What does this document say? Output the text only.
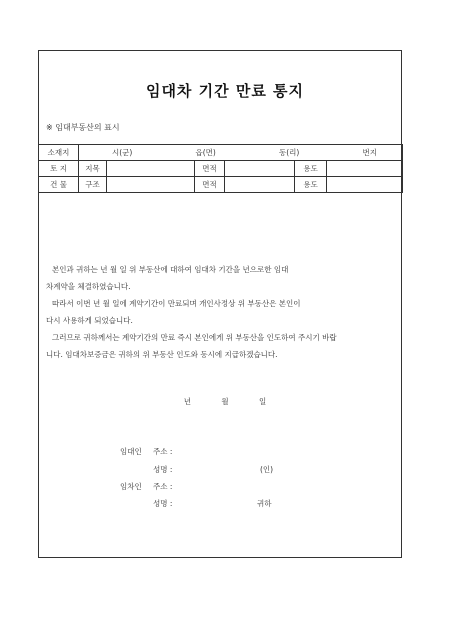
임대차 기간 만료 통지
※ 임대부동산의 표시
소재지	시(군) 읍(면) 동(리) 번지					

토 지	지목		면적		용도	
건 물	구조		면적		용도	

본인과 귀하는 년 월 일 위 부동산에 대하여 임대차 기간을 년으로한 임대

차계약을 체결하였습니다.

따라서 이번 년 월 일에 계약기간이 만료되며 개인사정상 위 부동산은 본인이

다시 사용하게 되었습니다.

그러므로 귀하께서는 계약기간의 만료 즉시 본인에게 위 부동산을 인도하여 주시기 바랍

니다. 임대차보증금은 귀하의 위 부동산 인도와 동시에 지급하겠습니다.

년	월	일
임대인 주소 :
성명 :	(인)
임차인 주소 :
성명 :	귀하
